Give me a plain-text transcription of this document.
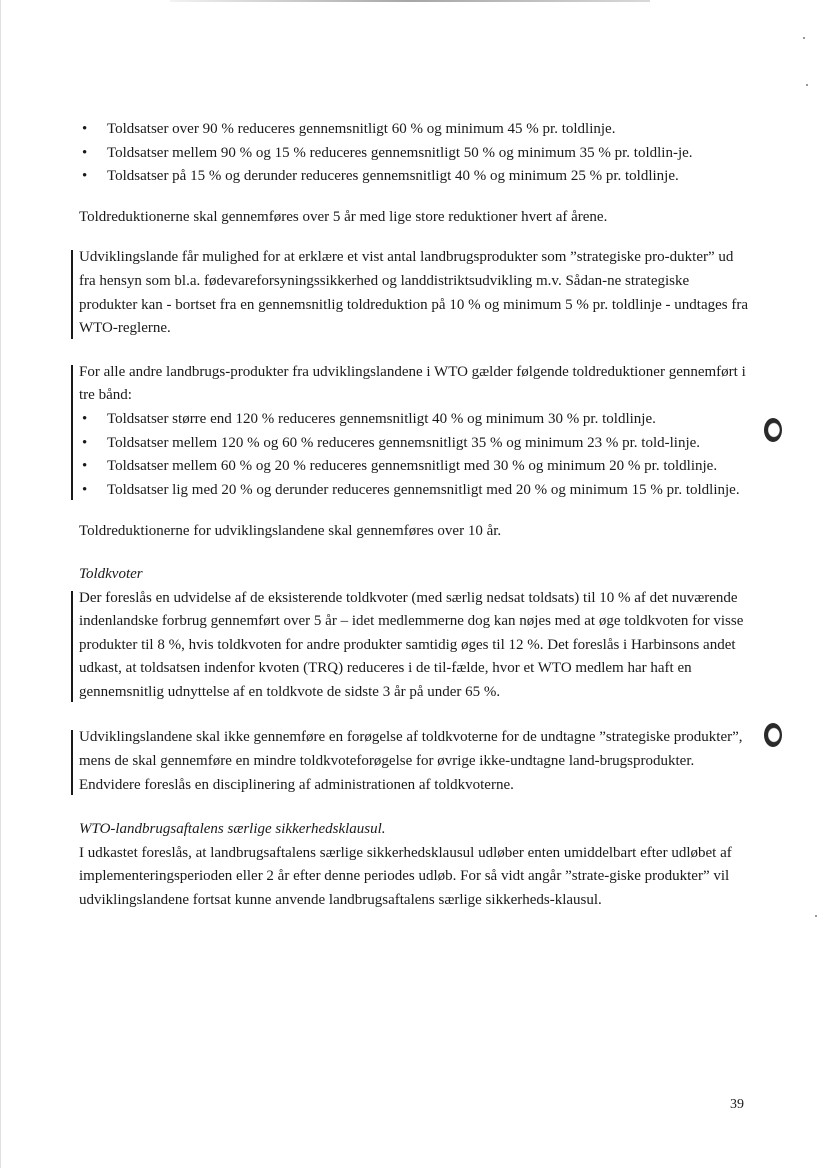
• Toldsatser over 90 % reduceres gennemsnitligt 60 % og minimum 45 % pr. toldlinje.
• Toldsatser mellem 90 % og 15 % reduceres gennemsnitligt 50 % og minimum 35 % pr. toldlin-je.
• Toldsatser på 15 % og derunder reduceres gennemsnitligt 40 % og minimum 25 % pr. toldlinje.

Toldreduktionerne skal gennemføres over 5 år med lige store reduktioner hvert af årene.

Udviklingslande får mulighed for at erklære et vist antal landbrugsprodukter som ”strategiske pro-dukter” ud fra hensyn som bl.a. fødevareforsyningssikkerhed og landdistriktsudvikling m.v. Sådan-ne strategiske produkter kan - bortset fra en gennemsnitlig toldreduktion på 10 % og minimum 5 % pr. toldlinje - undtages fra WTO-reglerne.

For alle andre landbrugs-produkter fra udviklingslandene i WTO gælder følgende toldreduktioner gennemført i tre bånd:

• Toldsatser større end 120 % reduceres gennemsnitligt 40 % og minimum 30 % pr. toldlinje.
• Toldsatser mellem 120 % og 60 % reduceres gennemsnitligt 35 % og minimum 23 % pr. told-linje.
• Toldsatser mellem 60 % og 20 % reduceres gennemsnitligt med 30 % og minimum 20 % pr. toldlinje.
• Toldsatser lig med 20 % og derunder reduceres gennemsnitligt med 20 % og minimum 15 % pr. toldlinje.

Toldreduktionerne for udviklingslandene skal gennemføres over 10 år.

Toldkvoter

Der foreslås en udvidelse af de eksisterende toldkvoter (med særlig nedsat toldsats) til 10 % af det nuværende indenlandske forbrug gennemført over 5 år – idet medlemmerne dog kan nøjes med at øge toldkvoten for visse produkter til 8 %, hvis toldkvoten for andre produkter samtidig øges til 12 %. Det foreslås i Harbinsons andet udkast, at toldsatsen indenfor kvoten (TRQ) reduceres i de til-fælde, hvor et WTO medlem har haft en gennemsnitlig udnyttelse af en toldkvote de sidste 3 år på under 65 %.

Udviklingslandene skal ikke gennemføre en forøgelse af toldkvoterne for de undtagne ”strategiske produkter”, mens de skal gennemføre en mindre toldkvoteforøgelse for øvrige ikke-undtagne land-brugsprodukter. Endvidere foreslås en disciplinering af administrationen af toldkvoterne.

WTO-landbrugsaftalens særlige sikkerhedsklausul.

I udkastet foreslås, at landbrugsaftalens særlige sikkerhedsklausul udløber enten umiddelbart efter udløbet af implementeringsperioden eller 2 år efter denne periodes udløb. For så vidt angår ”strate-giske produkter” vil udviklingslandene fortsat kunne anvende landbrugsaftalens særlige sikkerheds-klausul.

39
